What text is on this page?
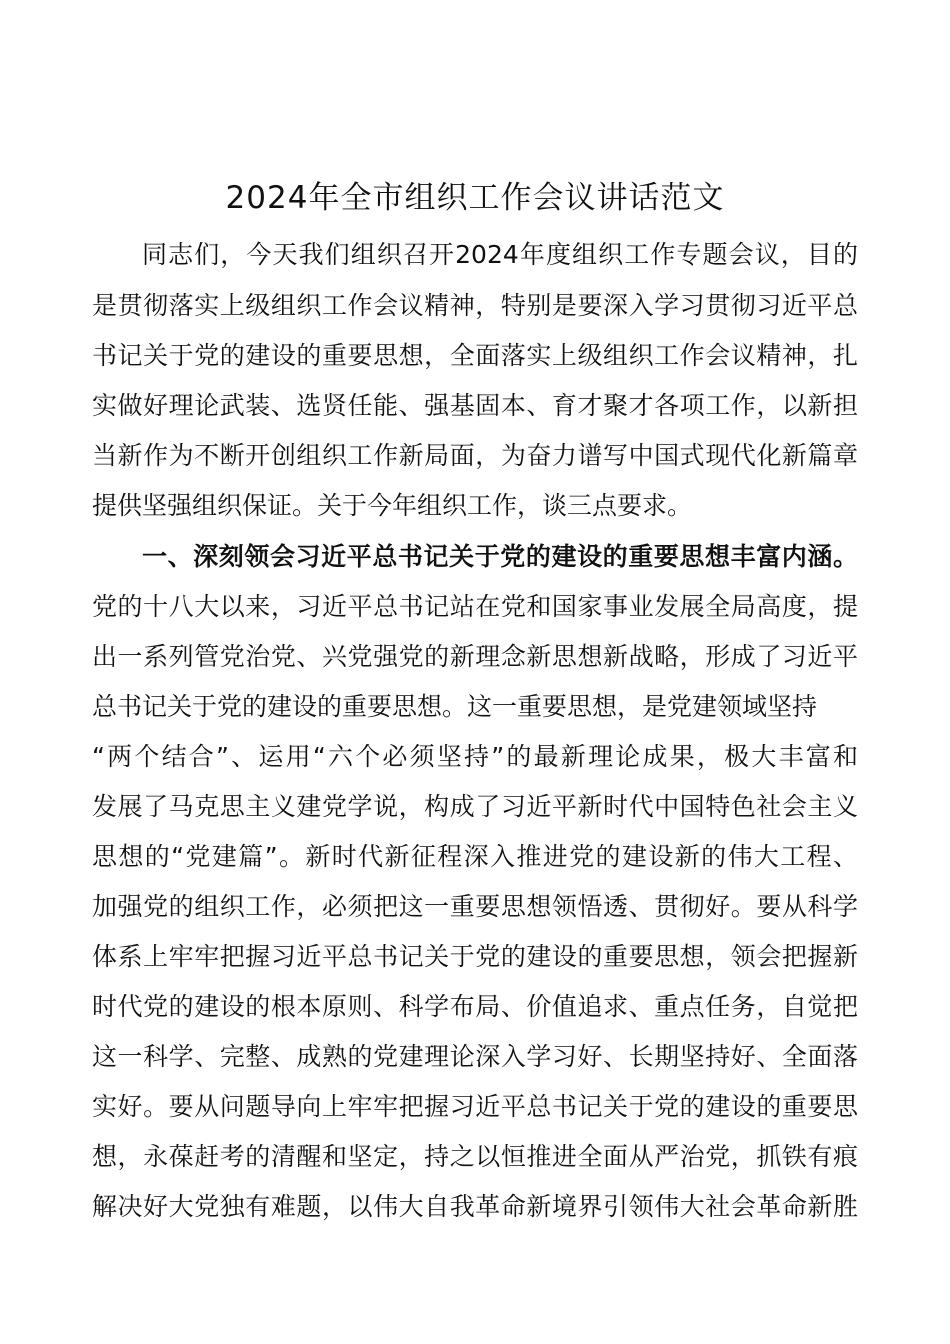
2024年全市组织工作会议讲话范文
同志们，今天我们组织召开2024年度组织工作专题会议，目的
是贯彻落实上级组织工作会议精神，特别是要深入学习贯彻习近平总
书记关于党的建设的重要思想，全面落实上级组织工作会议精神，扎
实做好理论武装、选贤任能、强基固本、育才聚才各项工作，以新担
当新作为不断开创组织工作新局面，为奋力谱写中国式现代化新篇章
提供坚强组织保证。关于今年组织工作，谈三点要求。
一、深刻领会习近平总书记关于党的建设的重要思想丰富内涵。
党的十八大以来，习近平总书记站在党和国家事业发展全局高度，提
出一系列管党治党、兴党强党的新理念新思想新战略，形成了习近平
总书记关于党的建设的重要思想。这一重要思想，是党建领域坚持
“两个结合”、运用“六个必须坚持”的最新理论成果，极大丰富和
发展了马克思主义建党学说，构成了习近平新时代中国特色社会主义
思想的“党建篇”。新时代新征程深入推进党的建设新的伟大工程、
加强党的组织工作，必须把这一重要思想领悟透、贯彻好。要从科学
体系上牢牢把握习近平总书记关于党的建设的重要思想，领会把握新
时代党的建设的根本原则、科学布局、价值追求、重点任务，自觉把
这一科学、完整、成熟的党建理论深入学习好、长期坚持好、全面落
实好。要从问题导向上牢牢把握习近平总书记关于党的建设的重要思
想，永葆赶考的清醒和坚定，持之以恒推进全面从严治党，抓铁有痕
解决好大党独有难题，以伟大自我革命新境界引领伟大社会革命新胜
